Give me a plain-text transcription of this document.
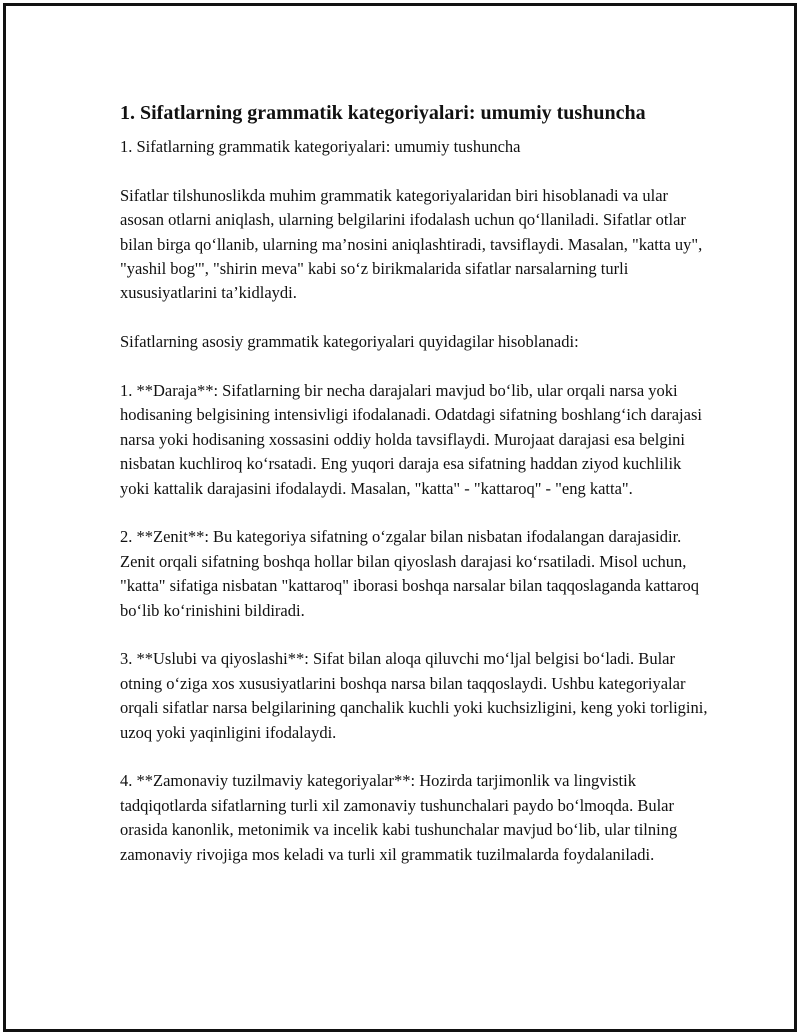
1. Sifatlarning grammatik kategoriyalari: umumiy tushuncha

1. Sifatlarning grammatik kategoriyalari: umumiy tushuncha

Sifatlar tilshunoslikda muhim grammatik kategoriyalaridan biri hisoblanadi va ular asosan otlarni aniqlash, ularning belgilarini ifodalash uchun qo‘llaniladi. Sifatlar otlar bilan birga qo‘llanib, ularning ma’nosini aniqlashtiradi, tavsiflaydi. Masalan, "katta uy", "yashil bog'", "shirin meva" kabi so‘z birikmalarida sifatlar narsalarning turli xususiyatlarini ta’kidlaydi.

Sifatlarning asosiy grammatik kategoriyalari quyidagilar hisoblanadi:

1. **Daraja**: Sifatlarning bir necha darajalari mavjud bo‘lib, ular orqali narsa yoki hodisaning belgisining intensivligi ifodalanadi. Odatdagi sifatning boshlang‘ich darajasi narsa yoki hodisaning xossasini oddiy holda tavsiflaydi. Murojaat darajasi esa belgini nisbatan kuchliroq ko‘rsatadi. Eng yuqori daraja esa sifatning haddan ziyod kuchlilik yoki kattalik darajasini ifodalaydi. Masalan, "katta" - "kattaroq" - "eng katta".

2. **Zenit**: Bu kategoriya sifatning o‘zgalar bilan nisbatan ifodalangan darajasidir. Zenit orqali sifatning boshqa hollar bilan qiyoslash darajasi ko‘rsatiladi. Misol uchun, "katta" sifatiga nisbatan "kattaroq" iborasi boshqa narsalar bilan taqqoslaganda kattaroq bo‘lib ko‘rinishini bildiradi.

3. **Uslubi va qiyoslashi**: Sifat bilan aloqa qiluvchi mo‘ljal belgisi bo‘ladi. Bular otning o‘ziga xos xususiyatlarini boshqa narsa bilan taqqoslaydi. Ushbu kategoriyalar orqali sifatlar narsa belgilarining qanchalik kuchli yoki kuchsizligini, keng yoki torligini, uzoq yoki yaqinligini ifodalaydi.

4. **Zamonaviy tuzilmaviy kategoriyalar**: Hozirda tarjimonlik va lingvistik tadqiqotlarda sifatlarning turli xil zamonaviy tushunchalari paydo bo‘lmoqda. Bular orasida kanonlik, metonimik va incelik kabi tushunchalar mavjud bo‘lib, ular tilning zamonaviy rivojiga mos keladi va turli xil grammatik tuzilmalarda foydalaniladi.
